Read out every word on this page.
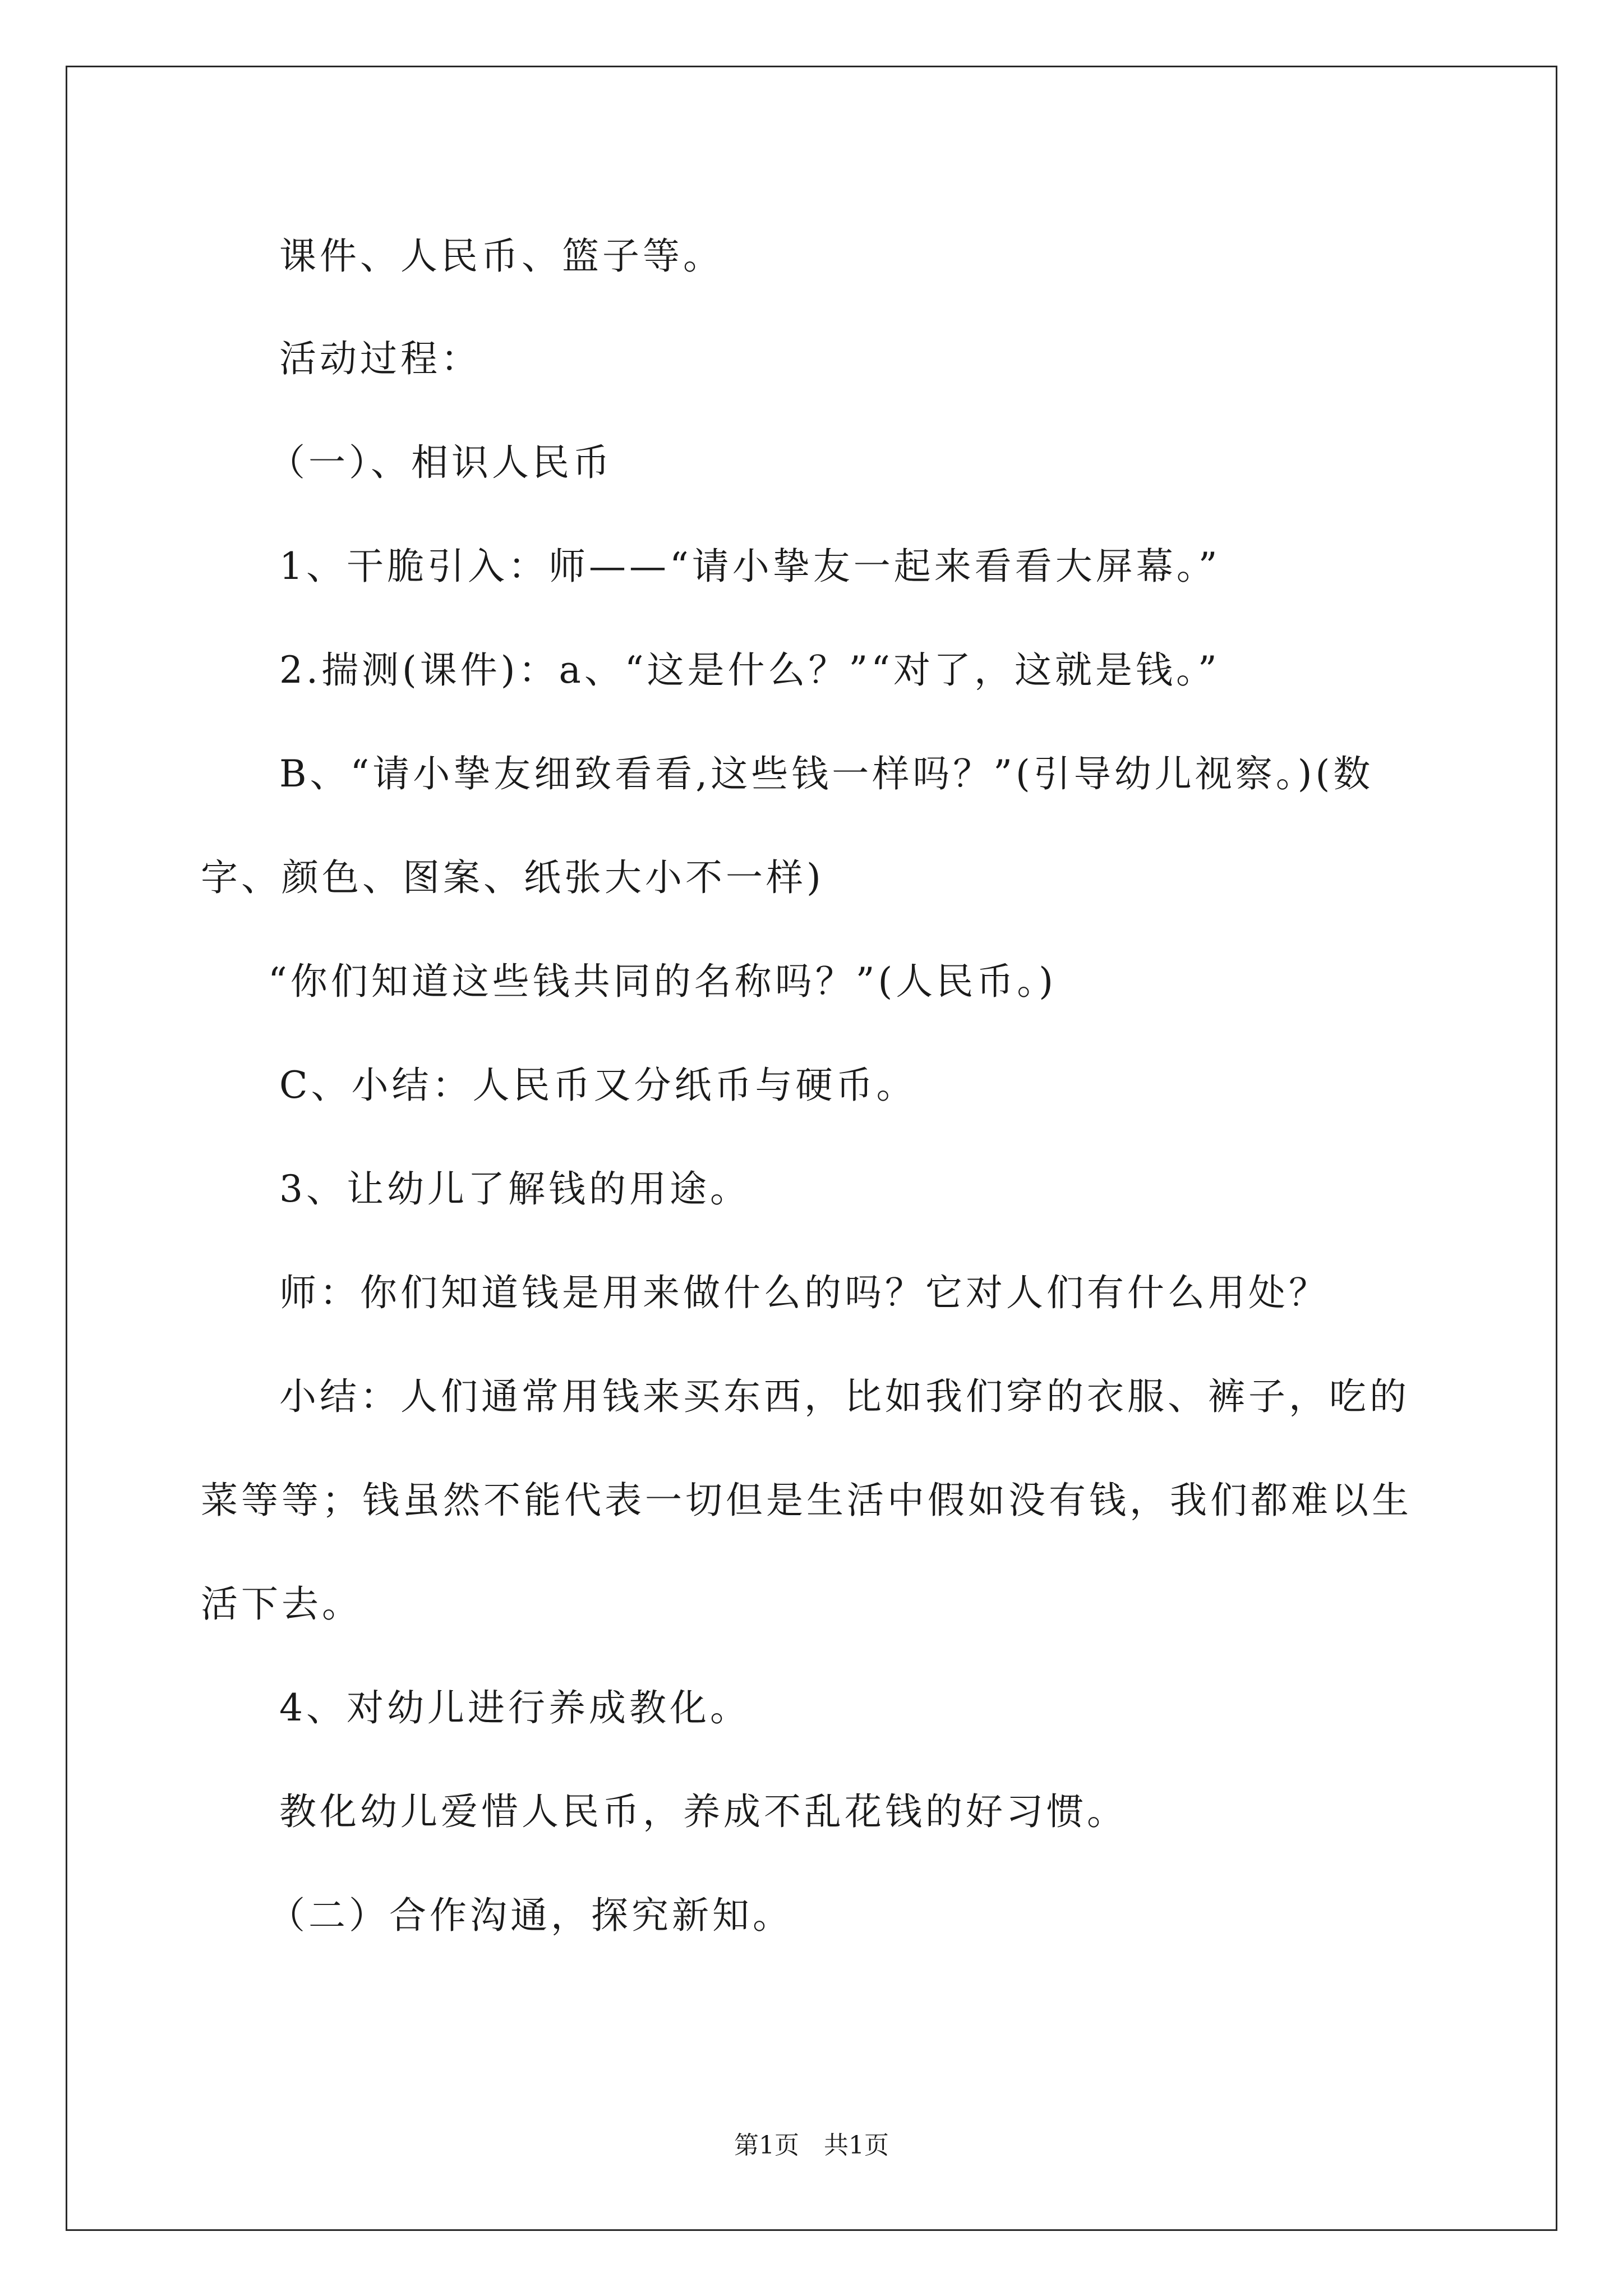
课件、人民币、篮子等。
活动过程：
（一）、相识人民币
1、干脆引入：师——“请小挚友一起来看看大屏幕。”
2.揣测(课件)：a、“这是什么？”“对了，这就是钱。”
B、“请小挚友细致看看,这些钱一样吗？”(引导幼儿视察。)(数
字、颜色、图案、纸张大小不一样)
“你们知道这些钱共同的名称吗？”(人民币。)
C、小结：人民币又分纸币与硬币。
3、让幼儿了解钱的用途。
师：你们知道钱是用来做什么的吗？它对人们有什么用处？
小结：人们通常用钱来买东西，比如我们穿的衣服、裤子，吃的
菜等等；钱虽然不能代表一切但是生活中假如没有钱，我们都难以生
活下去。
4、对幼儿进行养成教化。
教化幼儿爱惜人民币，养成不乱花钱的好习惯。
（二）合作沟通，探究新知。
第1页　共1页
